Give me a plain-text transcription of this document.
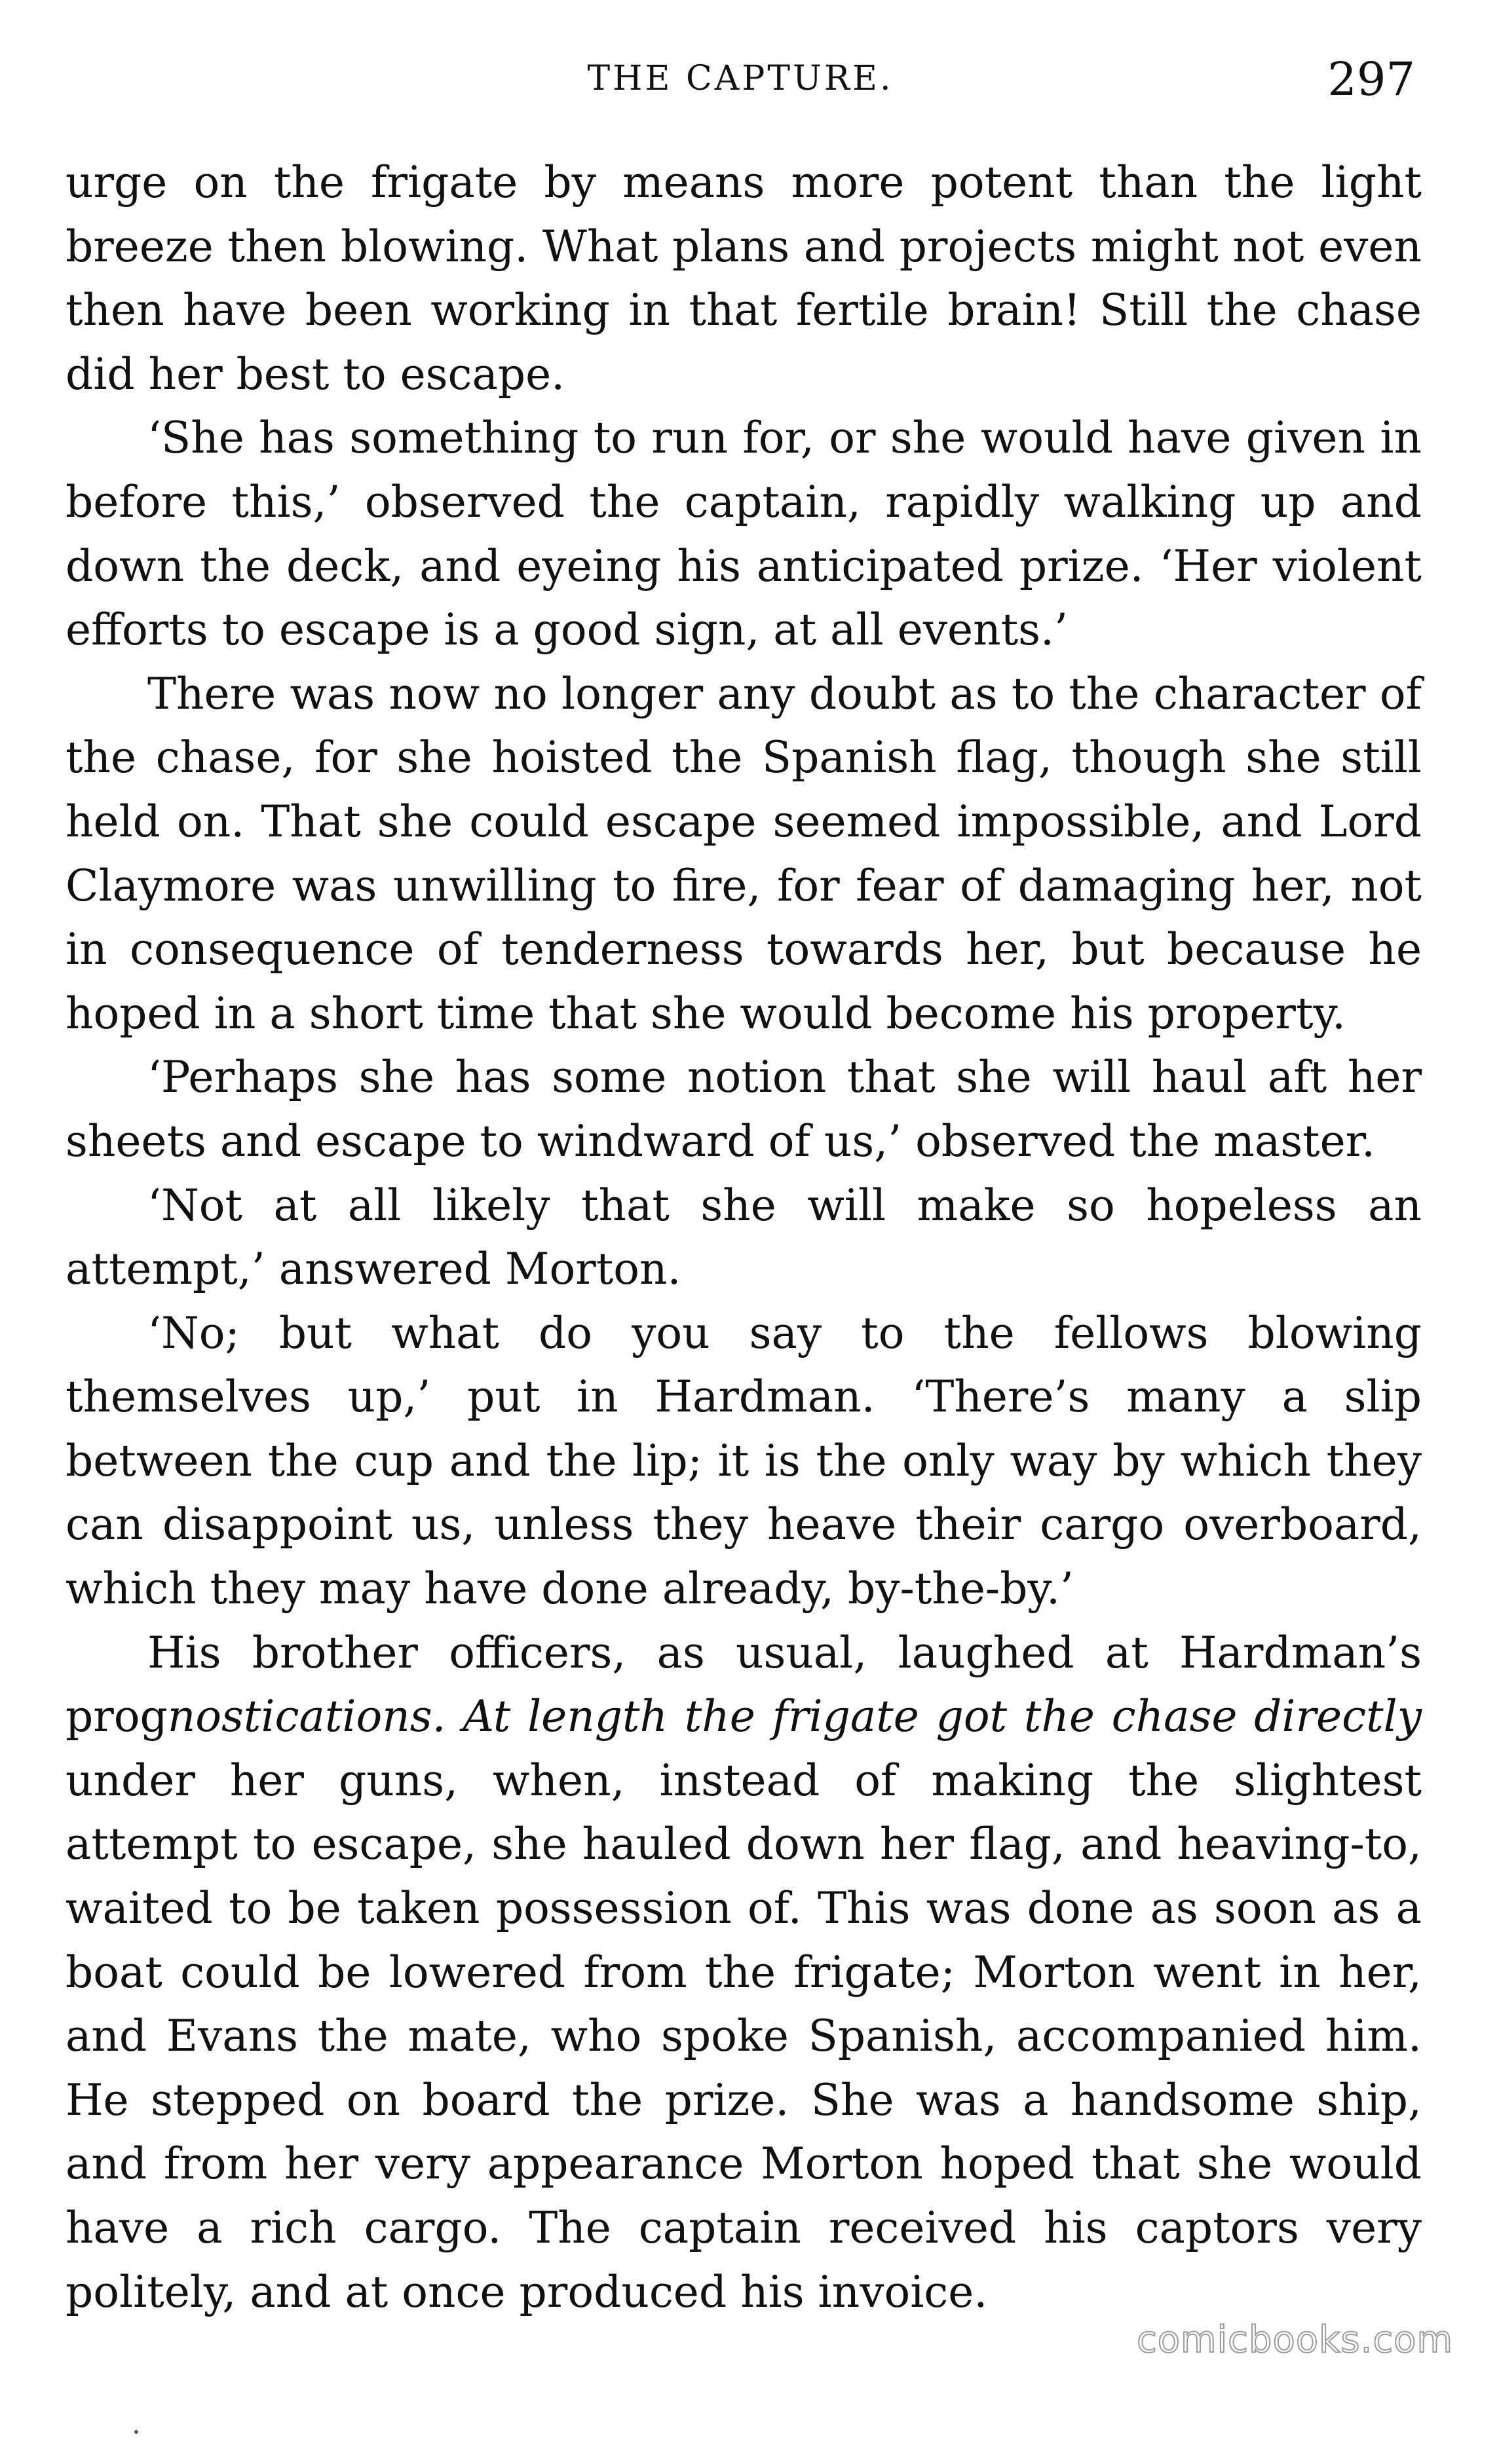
THE CAPTURE.	297

urge on the frigate by means more potent than the light breeze then blowing. What plans and projects might not even then have been working in that fertile brain! Still the chase did her best to escape.

‘She has something to run for, or she would have given in before this,’ observed the captain, rapidly walking up and down the deck, and eyeing his anticipated prize. ‘Her violent efforts to escape is a good sign, at all events.’

There was now no longer any doubt as to the character of the chase, for she hoisted the Spanish flag, though she still held on. That she could escape seemed impossible, and Lord Claymore was unwilling to fire, for fear of damaging her, not in consequence of tenderness towards her, but because he hoped in a short time that she would become his property.

‘Perhaps she has some notion that she will haul aft her sheets and escape to windward of us,’ observed the master.

‘Not at all likely that she will make so hopeless an attempt,’ answered Morton.

‘No; but what do you say to the fellows blowing themselves up,’ put in Hardman. ‘There’s many a slip between the cup and the lip; it is the only way by which they can disappoint us, unless they heave their cargo overboard, which they may have done already, by-the-by.’

His brother officers, as usual, laughed at Hardman’s prognostications. At length the frigate got the chase directly under her guns, when, instead of making the slightest attempt to escape, she hauled down her flag, and heaving-to, waited to be taken possession of. This was done as soon as a boat could be lowered from the frigate; Morton went in her, and Evans the mate, who spoke Spanish, accompanied him. He stepped on board the prize. She was a handsome ship, and from her very appearance Morton hoped that she would have a rich cargo. The captain received his captors very politely, and at once produced his invoice.

comicbooks.com
